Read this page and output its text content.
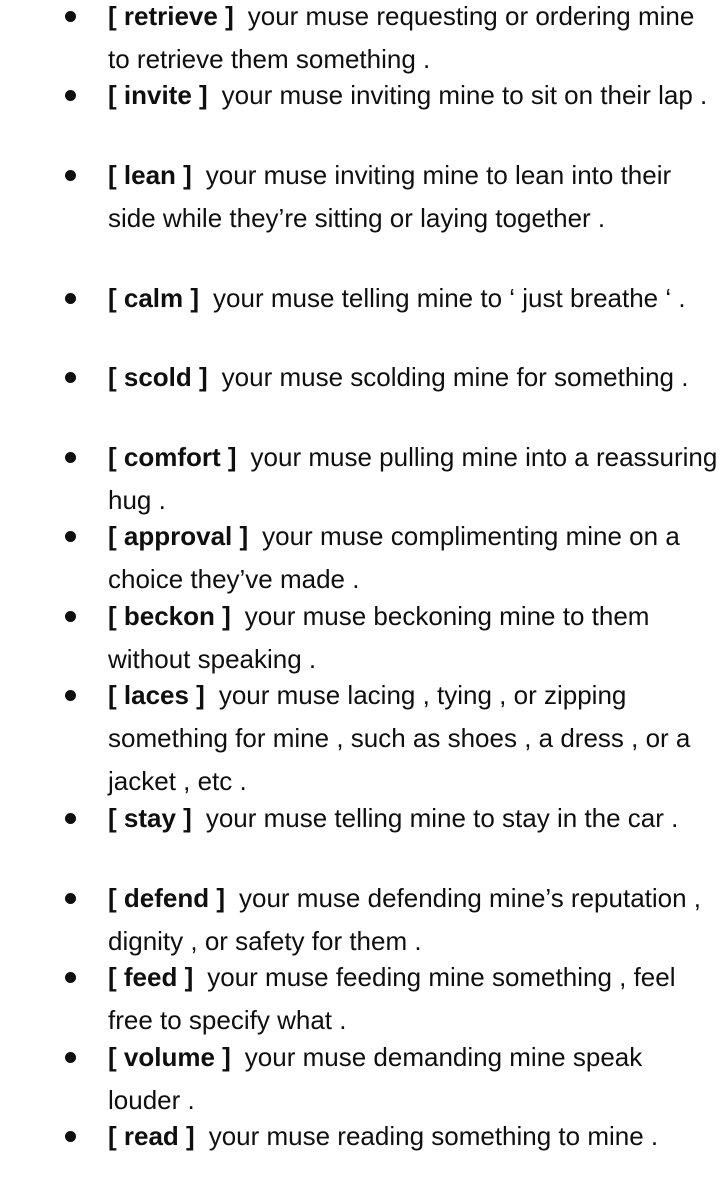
[ retrieve ] your muse requesting or ordering mine to retrieve them something .
[ invite ] your muse inviting mine to sit on their lap .
[ lean ] your muse inviting mine to lean into their side while they’re sitting or laying together .
[ calm ] your muse telling mine to ‘ just breathe ‘ .
[ scold ] your muse scolding mine for something .
[ comfort ] your muse pulling mine into a reassuring hug .
[ approval ] your muse complimenting mine on a choice they’ve made .
[ beckon ] your muse beckoning mine to them without speaking .
[ laces ] your muse lacing , tying , or zipping something for mine , such as shoes , a dress , or a jacket , etc .
[ stay ] your muse telling mine to stay in the car .
[ defend ] your muse defending mine’s reputation , dignity , or safety for them .
[ feed ] your muse feeding mine something , feel free to specify what .
[ volume ] your muse demanding mine speak louder .
[ read ] your muse reading something to mine .
